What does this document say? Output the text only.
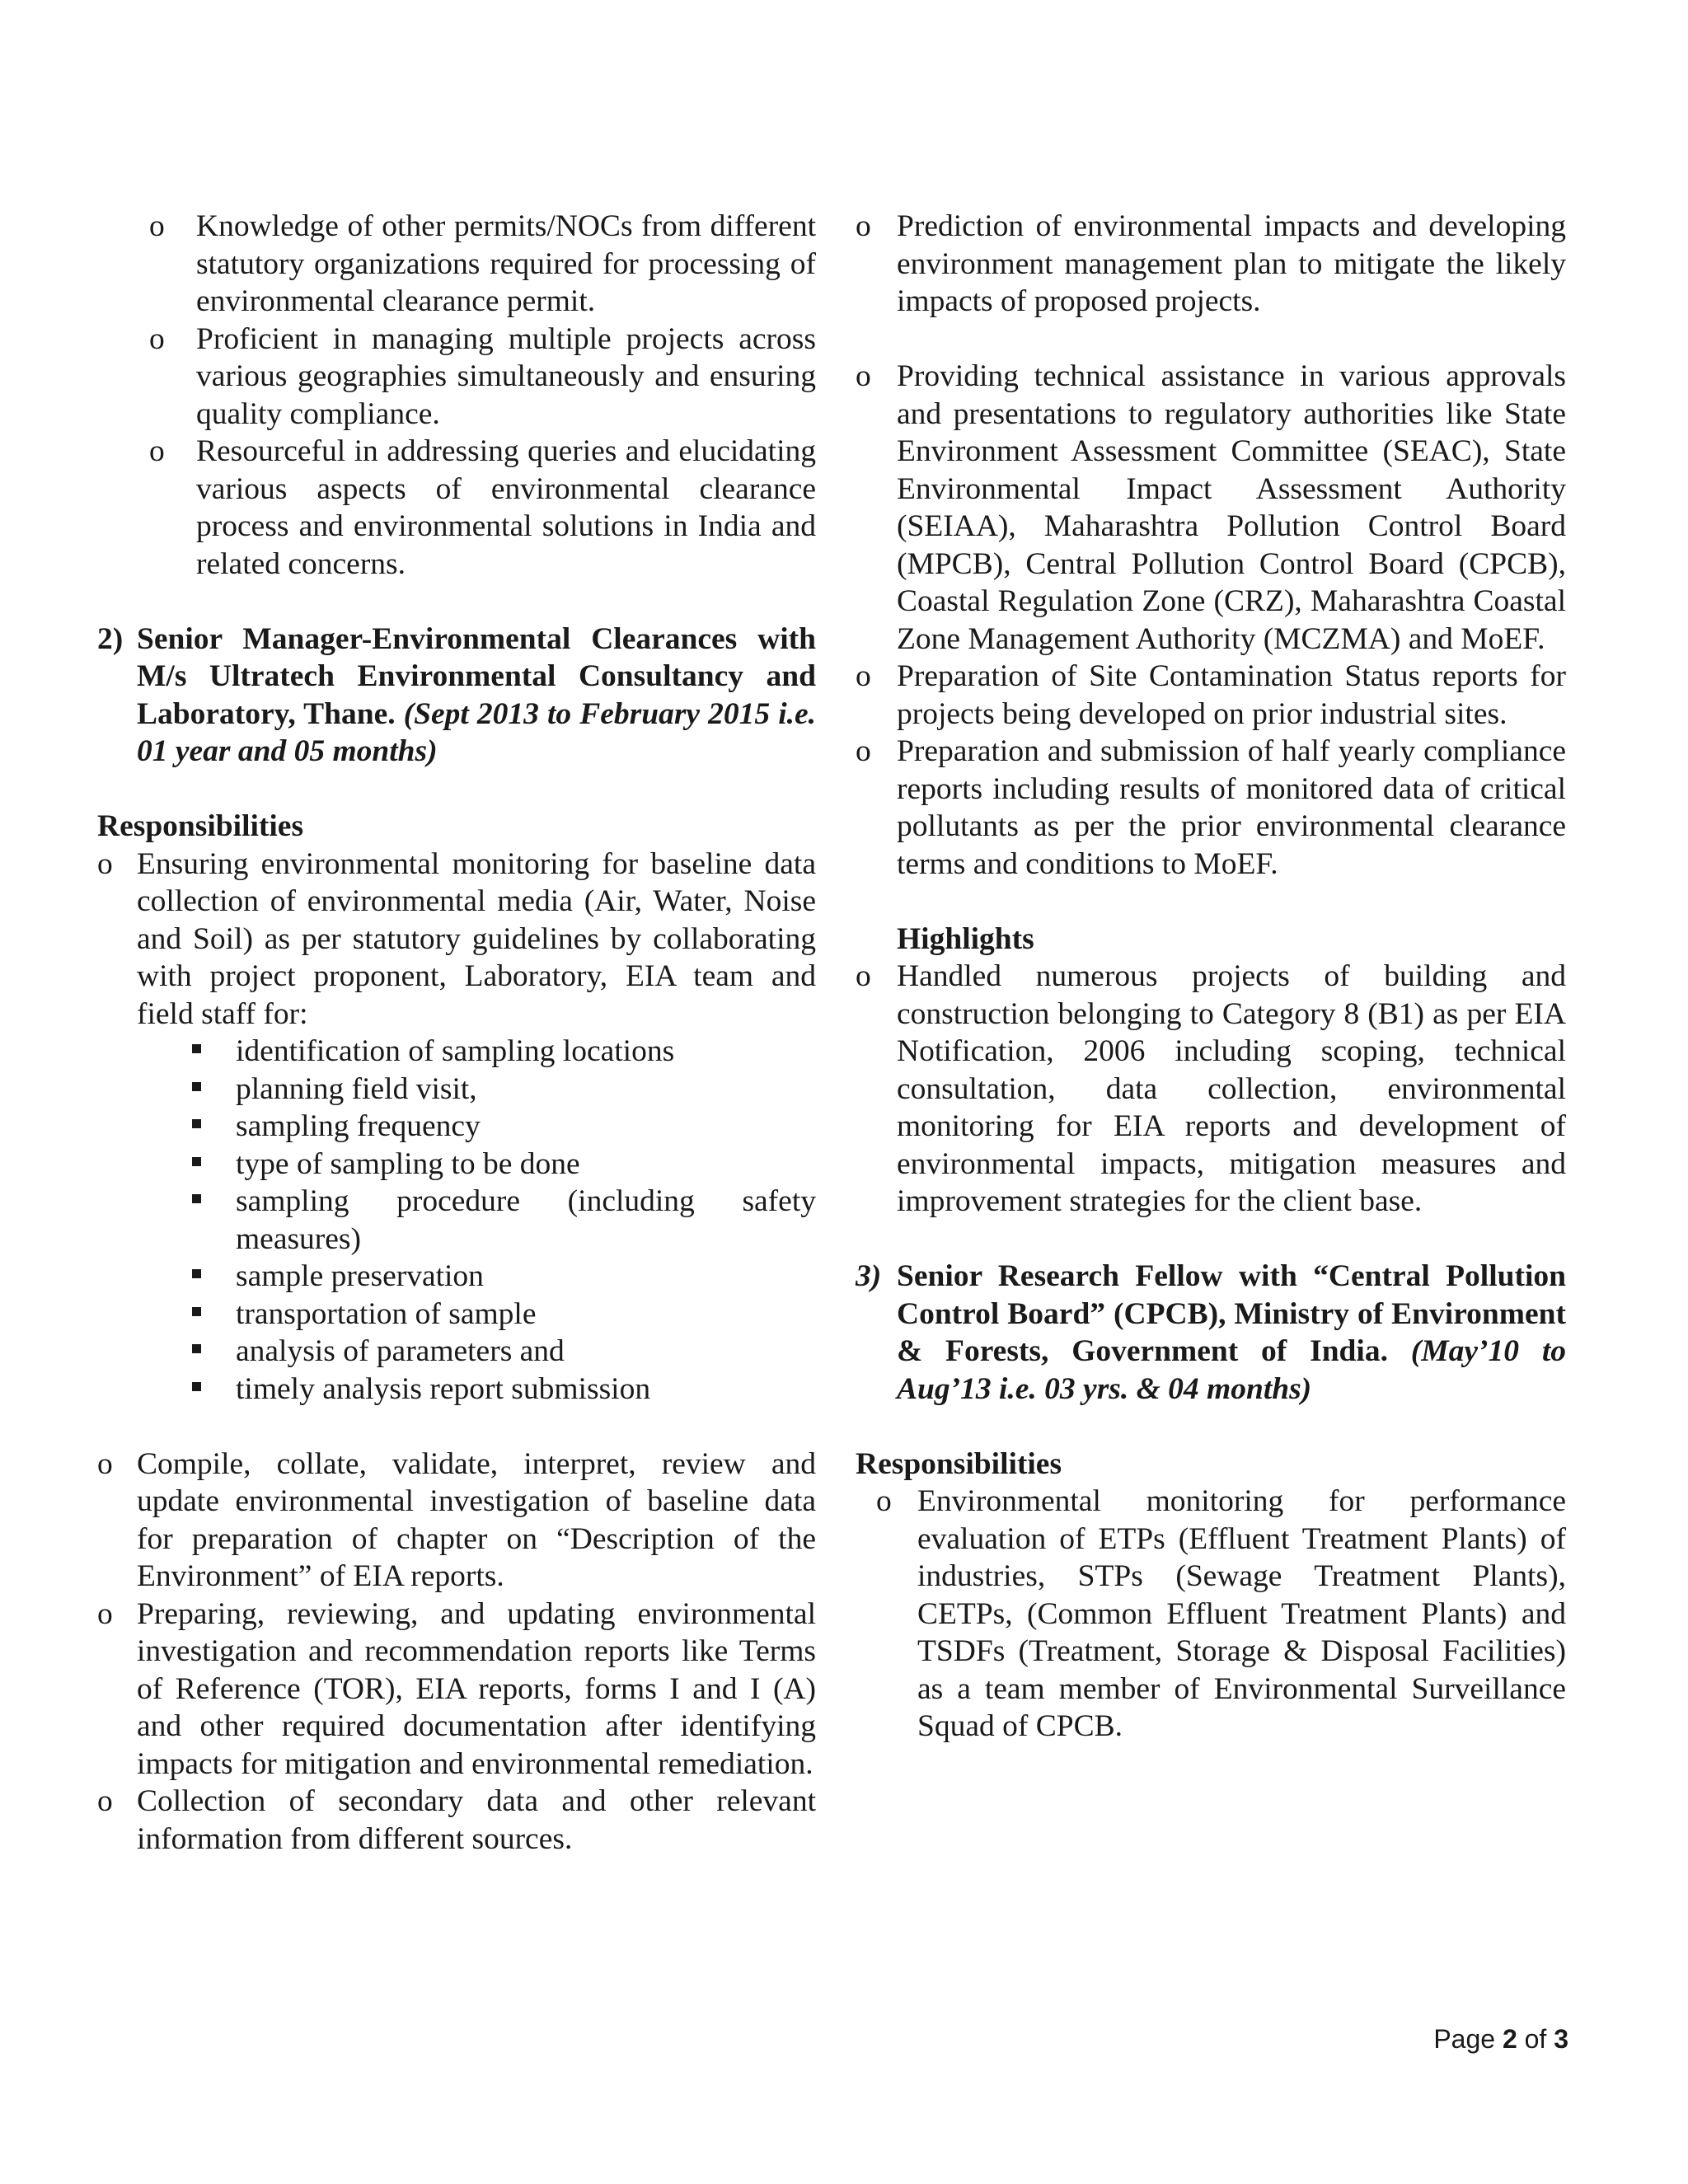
o Knowledge of other permits/NOCs from different statutory organizations required for processing of environmental clearance permit.
o Proficient in managing multiple projects across various geographies simultaneously and ensuring quality compliance.
o Resourceful in addressing queries and elucidating various aspects of environmental clearance process and environmental solutions in India and related concerns.
2) Senior Manager-Environmental Clearances with M/s Ultratech Environmental Consultancy and Laboratory, Thane. (Sept 2013 to February 2015 i.e. 01 year and 05 months)
Responsibilities
o Ensuring environmental monitoring for baseline data collection of environmental media (Air, Water, Noise and Soil) as per statutory guidelines by collaborating with project proponent, Laboratory, EIA team and field staff for:
identification of sampling locations
planning field visit,
sampling frequency
type of sampling to be done
sampling procedure (including safety measures)
sample preservation
transportation of sample
analysis of parameters and
timely analysis report submission
o Compile, collate, validate, interpret, review and update environmental investigation of baseline data for preparation of chapter on “Description of the Environment” of EIA reports.
o Preparing, reviewing, and updating environmental investigation and recommendation reports like Terms of Reference (TOR), EIA reports, forms I and I (A) and other required documentation after identifying impacts for mitigation and environmental remediation.
o Collection of secondary data and other relevant information from different sources.
o Prediction of environmental impacts and developing environment management plan to mitigate the likely impacts of proposed projects.
o Providing technical assistance in various approvals and presentations to regulatory authorities like State Environment Assessment Committee (SEAC), State Environmental Impact Assessment Authority (SEIAA), Maharashtra Pollution Control Board (MPCB), Central Pollution Control Board (CPCB), Coastal Regulation Zone (CRZ), Maharashtra Coastal Zone Management Authority (MCZMA) and MoEF.
o Preparation of Site Contamination Status reports for projects being developed on prior industrial sites.
o Preparation and submission of half yearly compliance reports including results of monitored data of critical pollutants as per the prior environmental clearance terms and conditions to MoEF.
Highlights
o Handled numerous projects of building and construction belonging to Category 8 (B1) as per EIA Notification, 2006 including scoping, technical consultation, data collection, environmental monitoring for EIA reports and development of environmental impacts, mitigation measures and improvement strategies for the client base.
3) Senior Research Fellow with “Central Pollution Control Board” (CPCB), Ministry of Environment & Forests, Government of India. (May’10 to Aug’13 i.e. 03 yrs. & 04 months)
Responsibilities
o Environmental monitoring for performance evaluation of ETPs (Effluent Treatment Plants) of industries, STPs (Sewage Treatment Plants), CETPs, (Common Effluent Treatment Plants) and TSDFs (Treatment, Storage & Disposal Facilities) as a team member of Environmental Surveillance Squad of CPCB.
Page 2 of 3
